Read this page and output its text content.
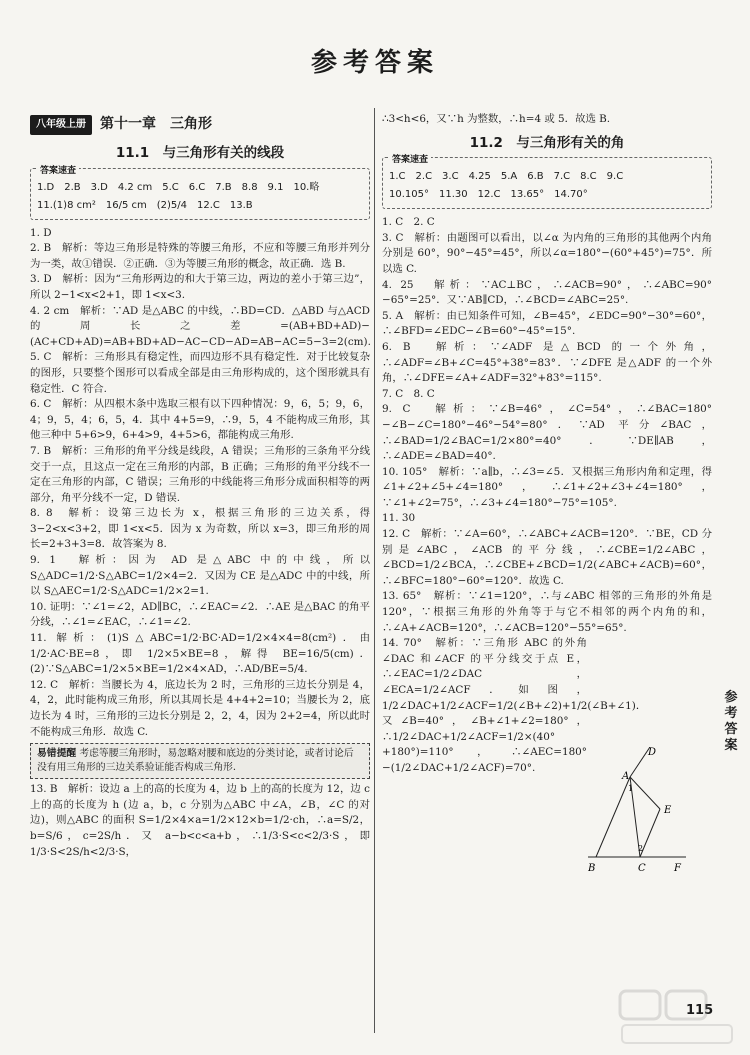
参考答案
八年级上册	第十一章　三角形
11.1　与三角形有关的线段
答案速查
1.D　2.B　3.D　4.2 cm　5.C　6.C　7.B　8.8　9.1　10.略
11.(1)8 cm²　16/5 cm　(2)5/4　12.C　13.B

1. D

2. B　解析：等边三角形是特殊的等腰三角形，不应和等腰三角形并列分为一类，故①错误．②正确．③为等腰三角形的概念，故正确．选 B.

3. D　解析：因为“三角形两边的和大于第三边，两边的差小于第三边”，所以 2−1<x<2+1，即 1<x<3.

4. 2 cm　解析：∵AD 是△ABC 的中线，∴BD=CD．△ABD 与△ACD 的周长之差=(AB+BD+AD)−(AC+CD+AD)=AB+BD+AD−AC−CD−AD=AB−AC=5−3=2(cm).

5. C　解析：三角形具有稳定性，而四边形不具有稳定性．对于比较复杂的图形，只要整个图形可以看成全部是由三角形构成的，这个图形就具有稳定性．C 符合.

6. C　解析：从四根木条中选取三根有以下四种情况：9，6，5；9，6，4；9，5，4；6，5，4．其中 4+5=9，∴9，5，4 不能构成三角形，其他三种中 5+6>9，6+4>9，4+5>6，都能构成三角形.

7. B　解析：三角形的角平分线是线段，A 错误；三角形的三条角平分线交于一点，且这点一定在三角形的内部，B 正确；三角形的角平分线不一定在三角形的内部，C 错误；三角形的中线能将三角形分成面积相等的两部分，角平分线不一定，D 错误.

8. 8　解析：设第三边长为 x，根据三角形的三边关系，得 3−2<x<3+2，即 1<x<5．因为 x 为奇数，所以 x=3，即三角形的周长=2+3+3=8．故答案为 8.

9. 1　解析：因为 AD 是△ABC 中的中线，所以 S△ADC=1/2·S△ABC=1/2×4=2．又因为 CE 是△ADC 中的中线，所以 S△AEC=1/2·S△ADC=1/2×2=1.

10. 证明：∵∠1=∠2，AD∥BC，∴∠EAC=∠2．∴AE 是△BAC 的角平分线，∴∠1=∠EAC，∴∠1=∠2.

11. 解析：(1)S△ABC=1/2·BC·AD=1/2×4×4=8(cm²)．由 1/2·AC·BE=8，即 1/2×5×BE=8，解得 BE=16/5(cm)．(2)∵S△ABC=1/2×5×BE=1/2×4×AD，∴AD/BE=5/4.

12. C　解析：当腰长为 4，底边长为 2 时，三角形的三边长分别是 4，4，2，此时能构成三角形，所以其周长是 4+4+2=10；当腰长为 2，底边长为 4 时，三角形的三边长分别是 2，2，4，因为 2+2=4，所以此时不能构成三角形．故选 C.

易错提醒 考虑等腰三角形时，易忽略对腰和底边的分类讨论，或者讨论后没有用三角形的三边关系验证能否构成三角形.

13. B　解析：设边 a 上的高的长度为 4，边 b 上的高的长度为 12，边 c 上的高的长度为 h (边 a，b，c 分别为△ABC 中∠A，∠B，∠C 的对边)，则△ABC 的面积 S=1/2×4×a=1/2×12×b=1/2·ch，∴a=S/2，b=S/6，c=2S/h．又 a−b<c<a+b，∴1/3·S<c<2/3·S，即 1/3·S<2S/h<2/3·S，

∴3<h<6，又∵h 为整数，∴h=4 或 5．故选 B.

11.2　与三角形有关的角
答案速查
1.C　2.C　3.C　4.25　5.A　6.B　7.C　8.C　9.C
10.105°　11.30　12.C　13.65°　14.70°

1. C　2. C

3. C　解析：由题图可以看出，以∠α 为内角的三角形的其他两个内角分别是 60°，90°−45°=45°，所以∠α=180°−(60°+45°)=75°．所以选 C.

4. 25　解析：∵AC⊥BC，∴∠ACB=90°，∴∠ABC=90°−65°=25°．又∵AB∥CD，∴∠BCD=∠ABC=25°.

5. A　解析：由已知条件可知，∠B=45°，∠EDC=90°−30°=60°，∴∠BFD=∠EDC−∠B=60°−45°=15°.

6. B　解析：∵∠ADF 是△BCD 的一个外角，∴∠ADF=∠B+∠C=45°+38°=83°．∵∠DFE 是△ADF 的一个外角，∴∠DFE=∠A+∠ADF=32°+83°=115°.

7. C　8. C

9. C　解析：∵∠B=46°，∠C=54°，∴∠BAC=180°−∠B−∠C=180°−46°−54°=80°．∵AD 平分∠BAC，∴∠BAD=1/2∠BAC=1/2×80°=40°．∵DE∥AB，∴∠ADE=∠BAD=40°.

10. 105°　解析：∵a∥b，∴∠3=∠5．又根据三角形内角和定理，得∠1+∠2+∠5+∠4=180°，∴∠1+∠2+∠3+∠4=180°，∵∠1+∠2=75°，∴∠3+∠4=180°−75°=105°.

11. 30

12. C　解析：∵∠A=60°，∴∠ABC+∠ACB=120°．∵BE，CD 分别是∠ABC，∠ACB 的平分线，∴∠CBE=1/2∠ABC，∠BCD=1/2∠BCA，∴∠CBE+∠BCD=1/2(∠ABC+∠ACB)=60°，∴∠BFC=180°−60°=120°．故选 C.

13. 65°　解析：∵∠1=120°，∴与∠ABC 相邻的三角形的外角是 120°，∵根据三角形的外角等于与它不相邻的两个内角的和，∴∠A+∠ACB=120°，∴∠ACB=120°−55°=65°.

14. 70°　解析：∵三角形 ABC 的外角∠DAC 和∠ACF 的平分线交于点 E，∴∠EAC=1/2∠DAC，∠ECA=1/2∠ACF．如图，1/2∠DAC+1/2∠ACF=1/2(∠B+∠2)+1/2(∠B+∠1)．又∠B=40°，∠B+∠1+∠2=180°，∴1/2∠DAC+1/2∠ACF=1/2×(40°+180°)=110°，∴∠AEC=180°−(1/2∠DAC+1/2∠ACF)=70°.

A
B	C
D
E
F
1
2
参
考
答
案
115
